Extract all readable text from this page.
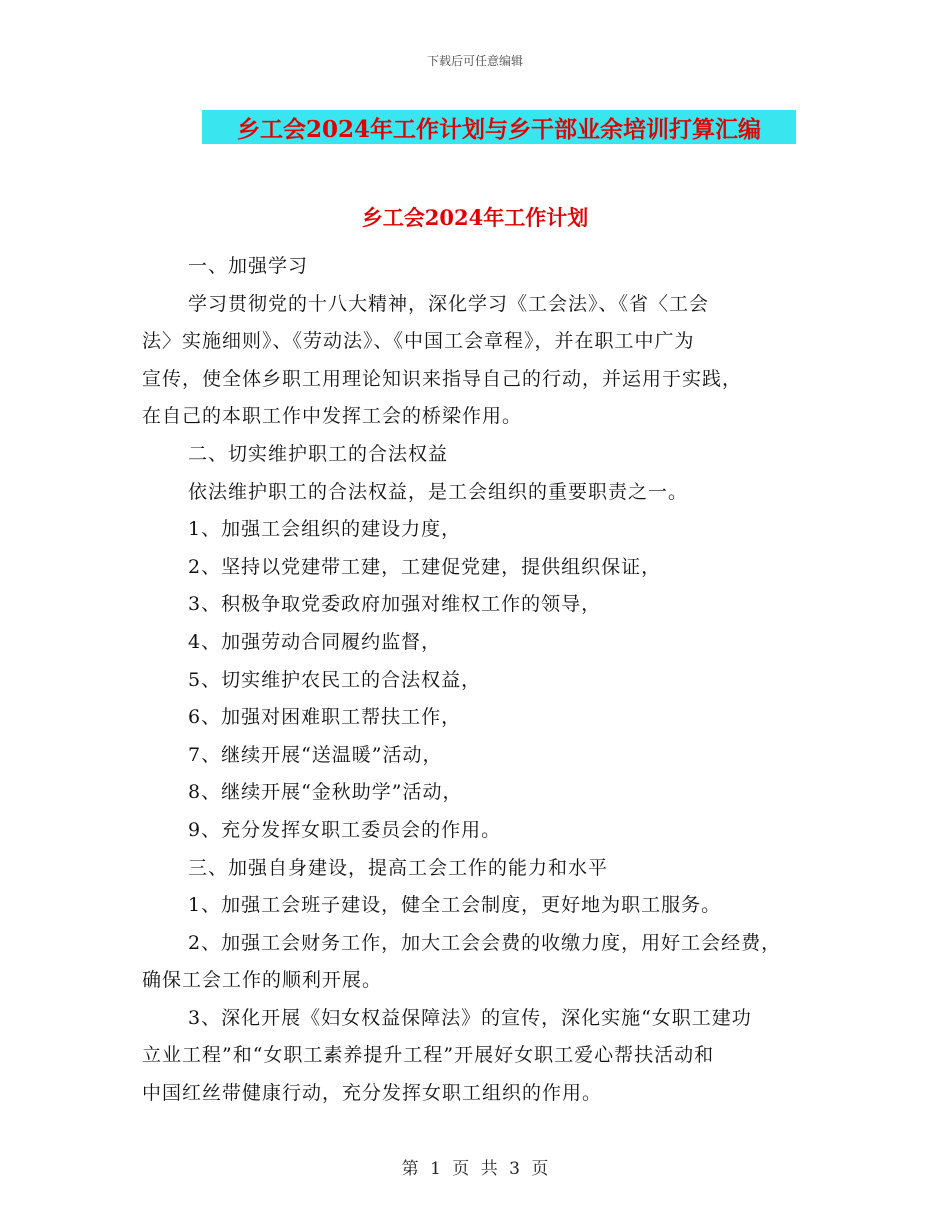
下载后可任意编辑
乡工会2024年工作计划与乡干部业余培训打算汇编
乡工会2024年工作计划

一、加强学习

学习贯彻党的十八大精神，深化学习《工会法》、《省〈工会

法〉实施细则》、《劳动法》、《中国工会章程》，并在职工中广为

宣传，使全体乡职工用理论知识来指导自己的行动，并运用于实践，

在自己的本职工作中发挥工会的桥梁作用。

二、切实维护职工的合法权益

依法维护职工的合法权益，是工会组织的重要职责之一。

1、加强工会组织的建设力度，

2、坚持以党建带工建，工建促党建，提供组织保证，

3、积极争取党委政府加强对维权工作的领导，

4、加强劳动合同履约监督，

5、切实维护农民工的合法权益，

6、加强对困难职工帮扶工作，

7、继续开展“送温暖”活动，

8、继续开展“金秋助学”活动，

9、充分发挥女职工委员会的作用。

三、加强自身建设，提高工会工作的能力和水平

1、加强工会班子建设，健全工会制度，更好地为职工服务。

2、加强工会财务工作，加大工会会费的收缴力度，用好工会经费，

确保工会工作的顺利开展。

3、深化开展《妇女权益保障法》的宣传，深化实施“女职工建功

立业工程”和“女职工素养提升工程”开展好女职工爱心帮扶活动和

中国红丝带健康行动，充分发挥女职工组织的作用。

第 1 页 共 3 页
